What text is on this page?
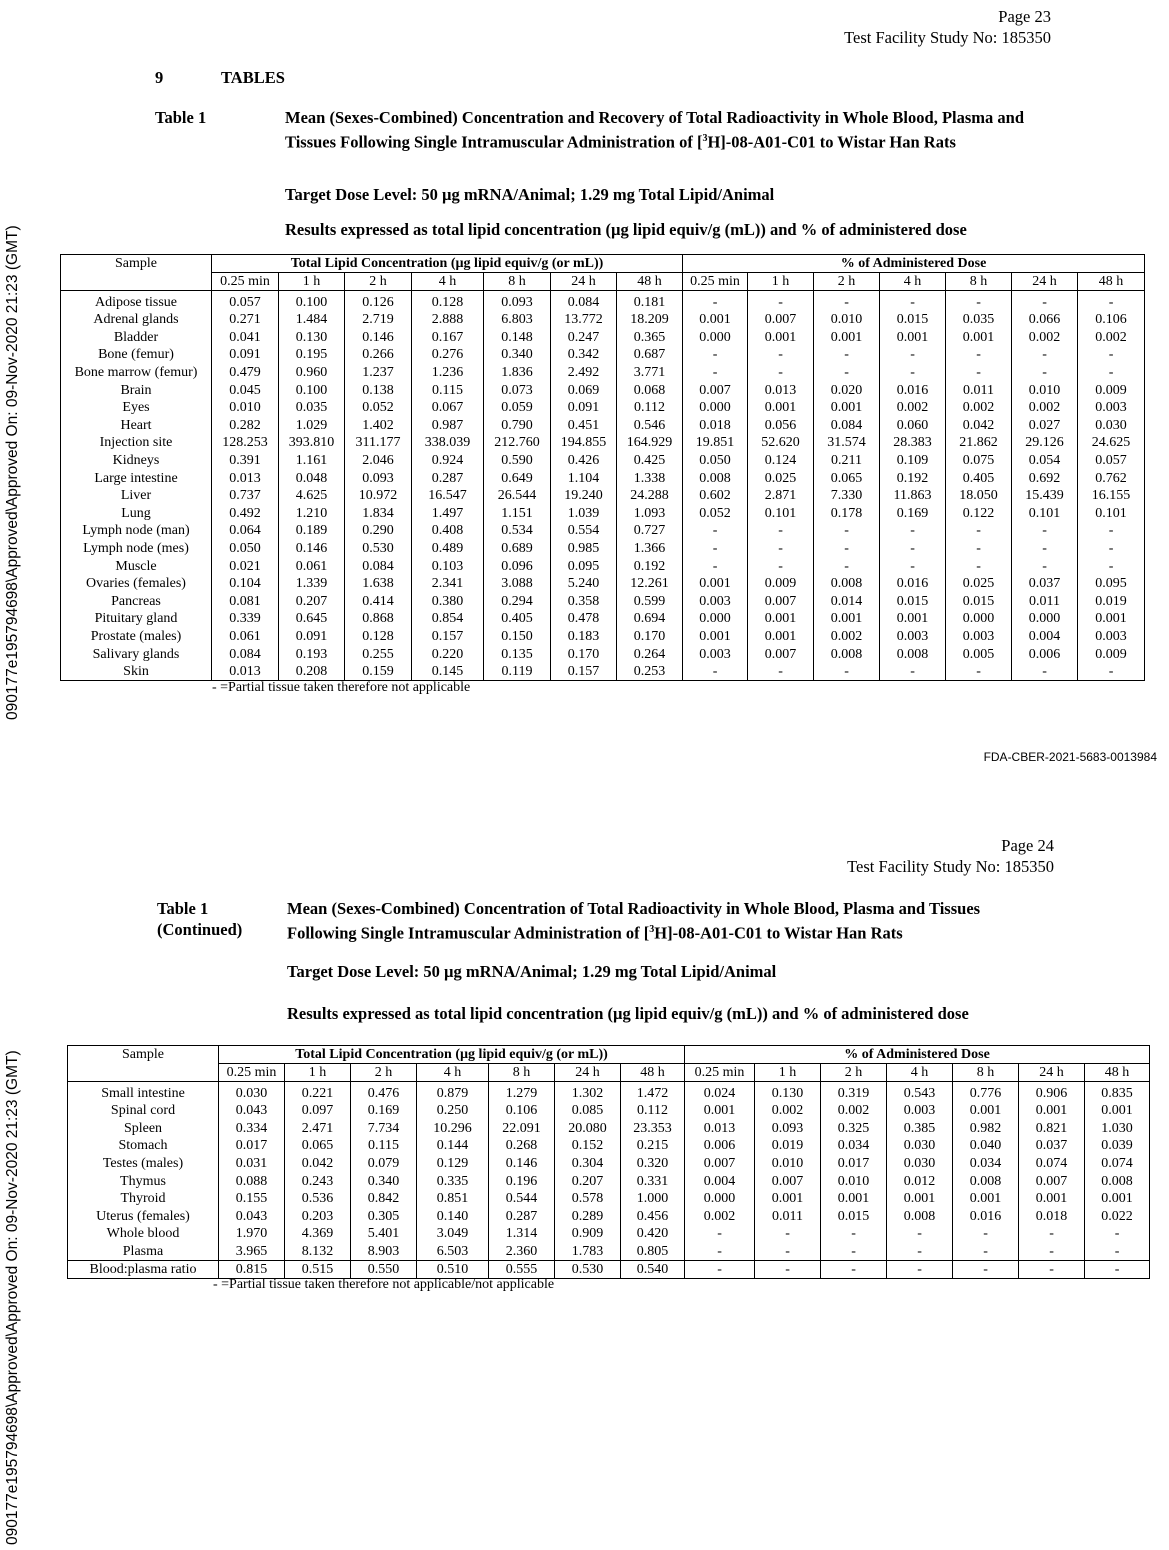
090177e195794698\Approved\Approved On: 09-Nov-2020 21:23 (GMT)
090177e195794698\Approved\Approved On: 09-Nov-2020 21:23 (GMT)
Page 23
Test Facility Study No: 185350
9	TABLES
Table 1	Mean (Sexes-Combined) Concentration and Recovery of Total Radioactivity in Whole Blood, Plasma and Tissues Following Single Intramuscular Administration of [$^3$H]-08-A01-C01 to Wistar Han Rats
Target Dose Level: 50 µg mRNA/Animal; 1.29 mg Total Lipid/Animal
Results expressed as total lipid concentration (µg lipid equiv/g (mL)) and % of administered dose
Sample	Total Lipid Concentration (µg lipid equiv/g (or mL))							% of Administered Dose						
	0.25 min	1 h	2 h	4 h	8 h	24 h	48 h	0.25 min	1 h	2 h	4 h	8 h	24 h	48 h
Adipose tissue	0.057	0.100	0.126	0.128	0.093	0.084	0.181	-	-	-	-	-	-	-
Adrenal glands	0.271	1.484	2.719	2.888	6.803	13.772	18.209	0.001	0.007	0.010	0.015	0.035	0.066	0.106
Bladder	0.041	0.130	0.146	0.167	0.148	0.247	0.365	0.000	0.001	0.001	0.001	0.001	0.002	0.002
Bone (femur)	0.091	0.195	0.266	0.276	0.340	0.342	0.687	-	-	-	-	-	-	-
Bone marrow (femur)	0.479	0.960	1.237	1.236	1.836	2.492	3.771	-	-	-	-	-	-	-
Brain	0.045	0.100	0.138	0.115	0.073	0.069	0.068	0.007	0.013	0.020	0.016	0.011	0.010	0.009
Eyes	0.010	0.035	0.052	0.067	0.059	0.091	0.112	0.000	0.001	0.001	0.002	0.002	0.002	0.003
Heart	0.282	1.029	1.402	0.987	0.790	0.451	0.546	0.018	0.056	0.084	0.060	0.042	0.027	0.030
Injection site	128.253	393.810	311.177	338.039	212.760	194.855	164.929	19.851	52.620	31.574	28.383	21.862	29.126	24.625
Kidneys	0.391	1.161	2.046	0.924	0.590	0.426	0.425	0.050	0.124	0.211	0.109	0.075	0.054	0.057
Large intestine	0.013	0.048	0.093	0.287	0.649	1.104	1.338	0.008	0.025	0.065	0.192	0.405	0.692	0.762
Liver	0.737	4.625	10.972	16.547	26.544	19.240	24.288	0.602	2.871	7.330	11.863	18.050	15.439	16.155
Lung	0.492	1.210	1.834	1.497	1.151	1.039	1.093	0.052	0.101	0.178	0.169	0.122	0.101	0.101
Lymph node (man)	0.064	0.189	0.290	0.408	0.534	0.554	0.727	-	-	-	-	-	-	-
Lymph node (mes)	0.050	0.146	0.530	0.489	0.689	0.985	1.366	-	-	-	-	-	-	-
Muscle	0.021	0.061	0.084	0.103	0.096	0.095	0.192	-	-	-	-	-	-	-
Ovaries (females)	0.104	1.339	1.638	2.341	3.088	5.240	12.261	0.001	0.009	0.008	0.016	0.025	0.037	0.095
Pancreas	0.081	0.207	0.414	0.380	0.294	0.358	0.599	0.003	0.007	0.014	0.015	0.015	0.011	0.019
Pituitary gland	0.339	0.645	0.868	0.854	0.405	0.478	0.694	0.000	0.001	0.001	0.001	0.000	0.000	0.001
Prostate (males)	0.061	0.091	0.128	0.157	0.150	0.183	0.170	0.001	0.001	0.002	0.003	0.003	0.004	0.003
Salivary glands	0.084	0.193	0.255	0.220	0.135	0.170	0.264	0.003	0.007	0.008	0.008	0.005	0.006	0.009
Skin	0.013	0.208	0.159	0.145	0.119	0.157	0.253	-	-	-	-	-	-	-
- =Partial tissue taken therefore not applicable
FDA-CBER-2021-5683-0013984
Page 24
Test Facility Study No: 185350
Table 1
(Continued)
Mean (Sexes-Combined) Concentration of Total Radioactivity in Whole Blood, Plasma and Tissues Following Single Intramuscular Administration of [$^3$H]-08-A01-C01 to Wistar Han Rats
Target Dose Level: 50 µg mRNA/Animal; 1.29 mg Total Lipid/Animal
Results expressed as total lipid concentration (µg lipid equiv/g (mL)) and % of administered dose
Sample	Total Lipid Concentration (µg lipid equiv/g (or mL))							% of Administered Dose						
	0.25 min	1 h	2 h	4 h	8 h	24 h	48 h	0.25 min	1 h	2 h	4 h	8 h	24 h	48 h
Small intestine	0.030	0.221	0.476	0.879	1.279	1.302	1.472	0.024	0.130	0.319	0.543	0.776	0.906	0.835
Spinal cord	0.043	0.097	0.169	0.250	0.106	0.085	0.112	0.001	0.002	0.002	0.003	0.001	0.001	0.001
Spleen	0.334	2.471	7.734	10.296	22.091	20.080	23.353	0.013	0.093	0.325	0.385	0.982	0.821	1.030
Stomach	0.017	0.065	0.115	0.144	0.268	0.152	0.215	0.006	0.019	0.034	0.030	0.040	0.037	0.039
Testes (males)	0.031	0.042	0.079	0.129	0.146	0.304	0.320	0.007	0.010	0.017	0.030	0.034	0.074	0.074
Thymus	0.088	0.243	0.340	0.335	0.196	0.207	0.331	0.004	0.007	0.010	0.012	0.008	0.007	0.008
Thyroid	0.155	0.536	0.842	0.851	0.544	0.578	1.000	0.000	0.001	0.001	0.001	0.001	0.001	0.001
Uterus (females)	0.043	0.203	0.305	0.140	0.287	0.289	0.456	0.002	0.011	0.015	0.008	0.016	0.018	0.022
Whole blood	1.970	4.369	5.401	3.049	1.314	0.909	0.420	-	-	-	-	-	-	-
Plasma	3.965	8.132	8.903	6.503	2.360	1.783	0.805	-	-	-	-	-	-	-
Blood:plasma ratio	0.815	0.515	0.550	0.510	0.555	0.530	0.540	-	-	-	-	-	-	-
- =Partial tissue taken therefore not applicable/not applicable
